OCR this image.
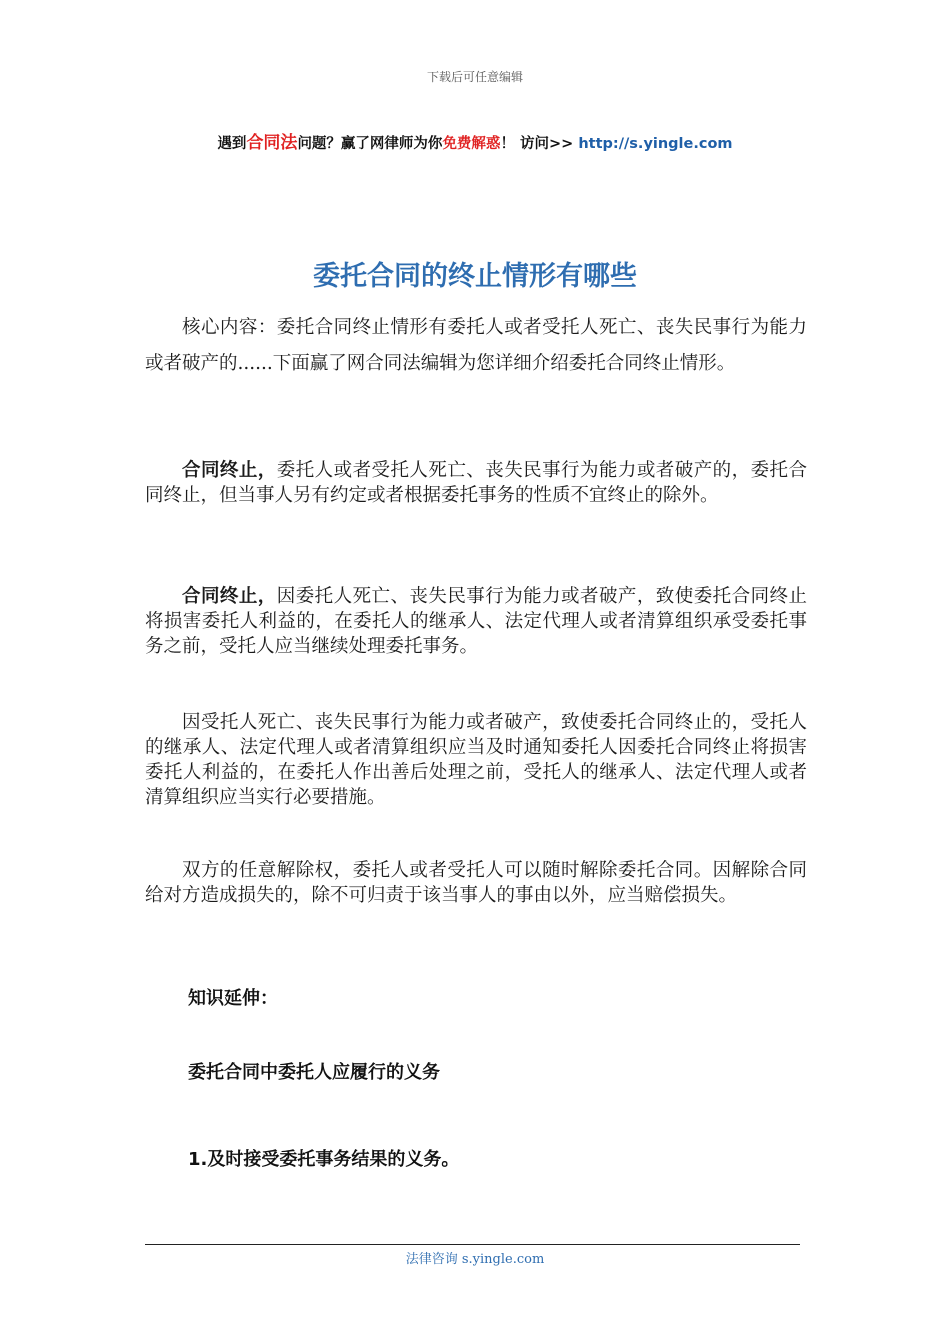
下载后可任意编辑
遇到合同法问题？赢了网律师为你免费解惑！ 访问>> http://s.yingle.com
委托合同的终止情形有哪些

核心内容：委托合同终止情形有委托人或者受托人死亡、丧失民事行为能力或者破产的......下面赢了网合同法编辑为您详细介绍委托合同终止情形。

合同终止，委托人或者受托人死亡、丧失民事行为能力或者破产的，委托合同终止，但当事人另有约定或者根据委托事务的性质不宜终止的除外。

合同终止，因委托人死亡、丧失民事行为能力或者破产，致使委托合同终止将损害委托人利益的，在委托人的继承人、法定代理人或者清算组织承受委托事务之前，受托人应当继续处理委托事务。

因受托人死亡、丧失民事行为能力或者破产，致使委托合同终止的，受托人的继承人、法定代理人或者清算组织应当及时通知委托人因委托合同终止将损害委托人利益的，在委托人作出善后处理之前，受托人的继承人、法定代理人或者清算组织应当实行必要措施。

双方的任意解除权，委托人或者受托人可以随时解除委托合同。因解除合同给对方造成损失的，除不可归责于该当事人的事由以外，应当赔偿损失。

知识延伸：
委托合同中委托人应履行的义务
1.及时接受委托事务结果的义务。
法律咨询 s.yingle.com
